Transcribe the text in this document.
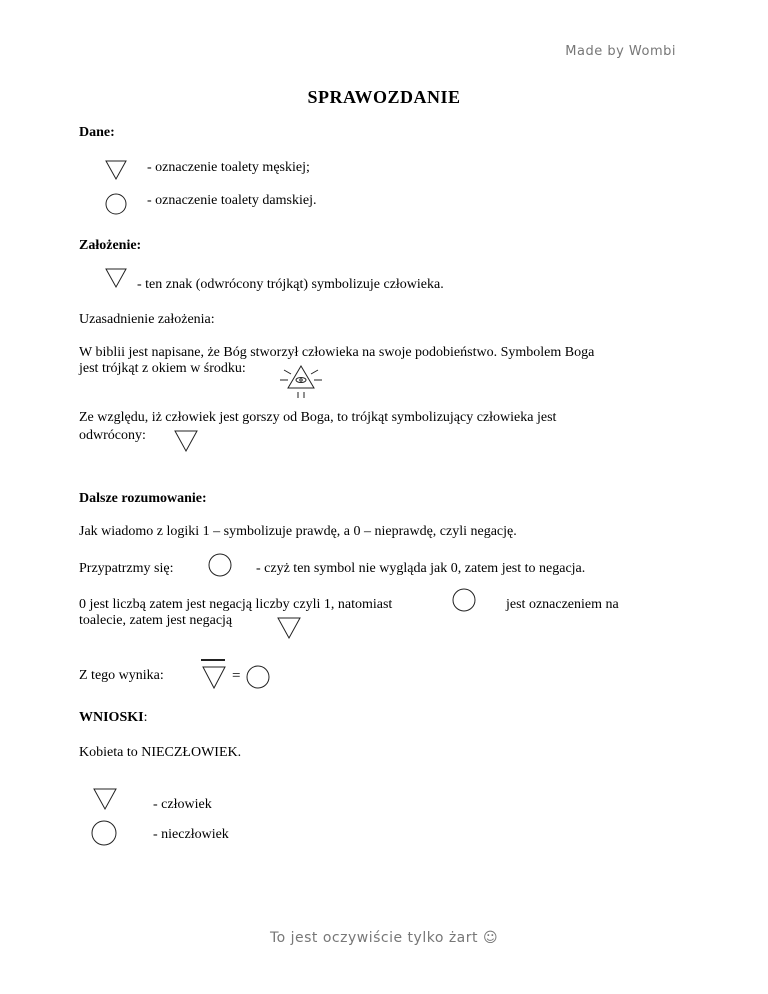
Made by Wombi
SPRAWOZDANIE
Dane:
- oznaczenie toalety męskiej;
- oznaczenie toalety damskiej.
Założenie:
- ten znak (odwrócony trójkąt) symbolizuje człowieka.
Uzasadnienie założenia:
W biblii jest napisane, że Bóg stworzył człowieka na swoje podobieństwo. Symbolem Boga
jest trójkąt z okiem w środku:
Ze względu, iż człowiek jest gorszy od Boga, to trójkąt symbolizujący człowieka jest
odwrócony:
Dalsze rozumowanie:
Jak wiadomo z logiki 1 – symbolizuje prawdę, a 0 – nieprawdę, czyli negację.
Przypatrzmy się:	- czyż ten symbol nie wygląda jak 0, zatem jest to negacja.
0 jest liczbą zatem jest negacją liczby czyli 1, natomiast	jest oznaczeniem na
toalecie, zatem jest negacją
Z tego wynika:	=
WNIOSKI:
Kobieta to NIECZŁOWIEK.
- człowiek
- nieczłowiek
To jest oczywiście tylko żart ☺
